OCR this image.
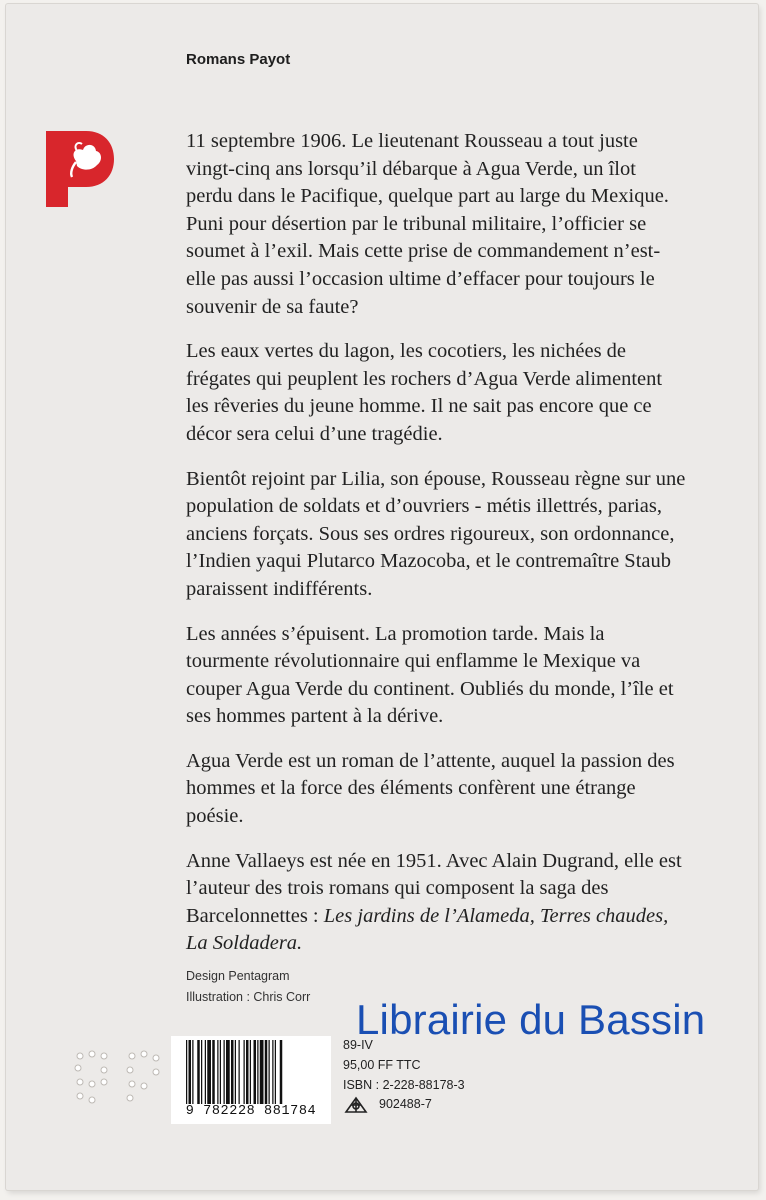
Romans Payot

11 septembre 1906. Le lieutenant Rousseau a tout juste vingt-cinq ans lorsqu’il débarque à Agua Verde, un îlot perdu dans le Pacifique, quelque part au large du Mexique. Puni pour désertion par le tribunal militaire, l’officier se soumet à l’exil. Mais cette prise de commandement n’est-elle pas aussi l’occasion ultime d’effacer pour toujours le souvenir de sa faute?

Les eaux vertes du lagon, les cocotiers, les nichées de frégates qui peuplent les rochers d’Agua Verde alimentent les rêveries du jeune homme. Il ne sait pas encore que ce décor sera celui d’une tragédie.

Bientôt rejoint par Lilia, son épouse, Rousseau règne sur une population de soldats et d’ouvriers - métis illettrés, parias, anciens forçats. Sous ses ordres rigoureux, son ordonnance, l’Indien yaqui Plutarco Mazocoba, et le contremaître Staub paraissent indifférents.

Les années s’épuisent. La promotion tarde. Mais la tourmente révolutionnaire qui enflamme le Mexique va couper Agua Verde du continent. Oubliés du monde, l’île et ses hommes partent à la dérive.

Agua Verde est un roman de l’attente, auquel la passion des hommes et la force des éléments confèrent une étrange poésie.

Anne Vallaeys est née en 1951. Avec Alain Dugrand, elle est l’auteur des trois romans qui composent la saga des Barcelonnettes : Les jardins de l’Alameda, Terres chaudes, La Soldadera.

Design Pentagram
Illustration : Chris Corr Librairie du Bassin
9 782228 881784
89-IV
95,00 FF TTC
ISBN : 2-228-88178-3
902488-7
